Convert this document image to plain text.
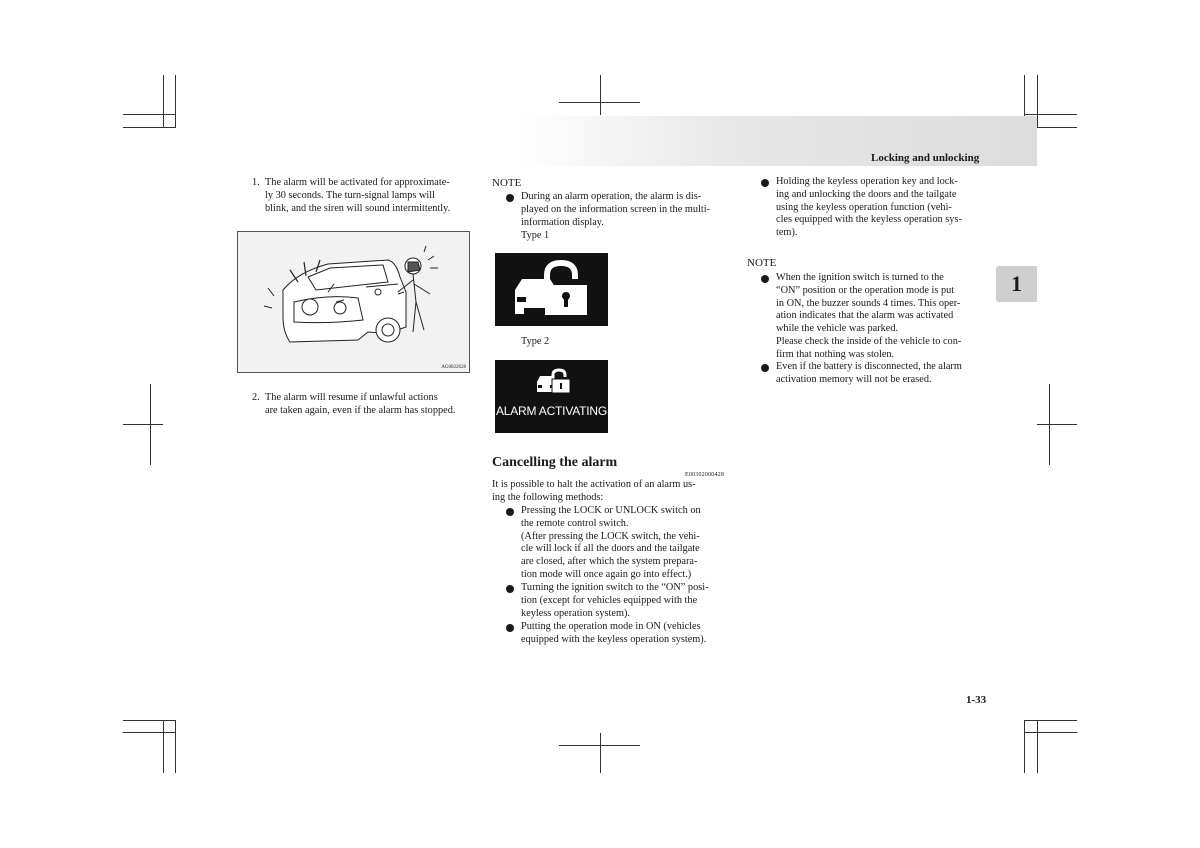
Locking and unlocking
1
1. The alarm will be activated for approximate-
ly 30 seconds. The turn-signal lamps will
blink, and the siren will sound intermittently.
AG0022628
2. The alarm will resume if unlawful actions
are taken again, even if the alarm has stopped.
NOTE
During an alarm operation, the alarm is dis-
played on the information screen in the multi-
information display.
Type 1
Type 2
ALARM ACTIVATING
Cancelling the alarm
E00302000428
It is possible to halt the activation of an alarm us-
ing the following methods:
Pressing the LOCK or UNLOCK switch on
the remote control switch.
(After pressing the LOCK switch, the vehi-
cle will lock if all the doors and the tailgate
are closed, after which the system prepara-
tion mode will once again go into effect.)
Turning the ignition switch to the “ON” posi-
tion (except for vehicles equipped with the
keyless operation system).
Putting the operation mode in ON (vehicles
equipped with the keyless operation system).
Holding the keyless operation key and lock-
ing and unlocking the doors and the tailgate
using the keyless operation function (vehi-
cles equipped with the keyless operation sys-
tem).
NOTE
When the ignition switch is turned to the
“ON” position or the operation mode is put
in ON, the buzzer sounds 4 times. This oper-
ation indicates that the alarm was activated
while the vehicle was parked.
Please check the inside of the vehicle to con-
firm that nothing was stolen.
Even if the battery is disconnected, the alarm
activation memory will not be erased.
1-33
